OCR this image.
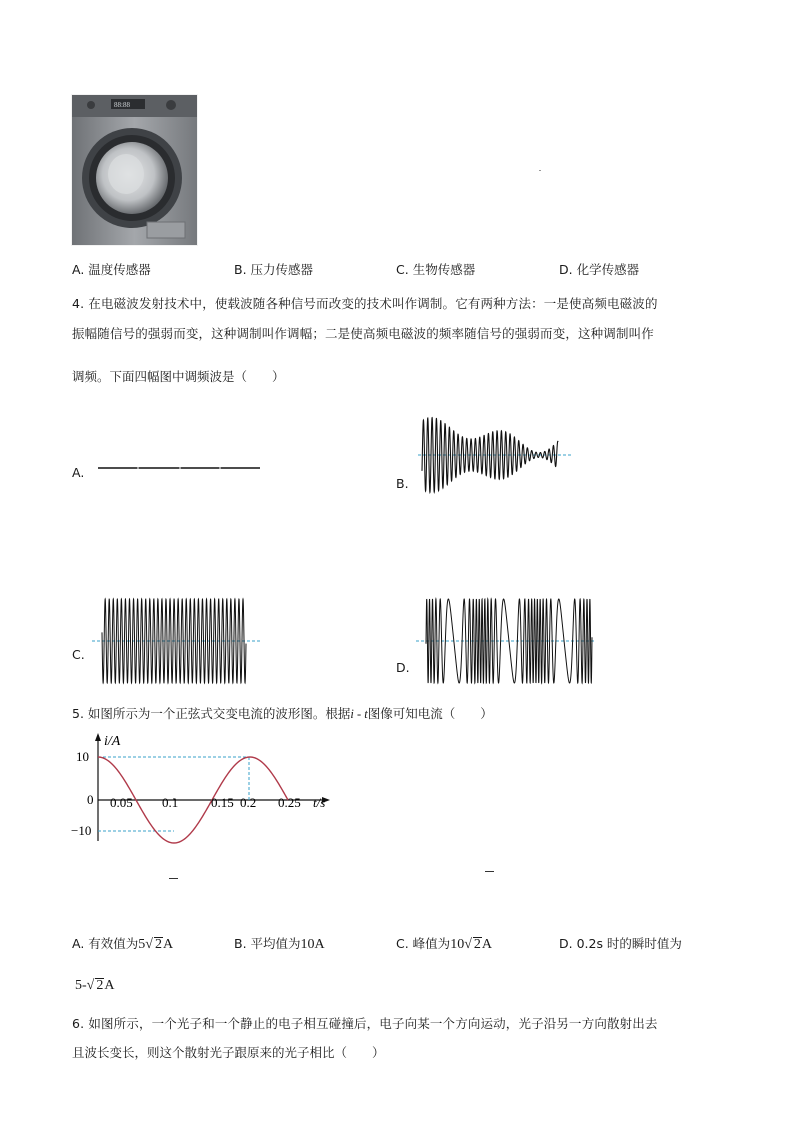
88:88
A. 温度传感器	B. 压力传感器	C. 生物传感器	D. 化学传感器
4. 在电磁波发射技术中，使载波随各种信号而改变的技术叫作调制。它有两种方法：一是使高频电磁波的
振幅随信号的强弱而变，这种调制叫作调幅；二是使高频电磁波的频率随信号的强弱而变，这种调制叫作
调频。下面四幅图中调频波是（　　）
A.
B.
C.
D.
5. 如图所示为一个正弦式交变电流的波形图。根据i - t图像可知电流（　　）
i/A
10
0
−10
0.05 0.1	0.15 0.2 0.25 t/s
A. 有效值为5√ 2A	B. 平均值为10A	C. 峰值为10√ 2A	D. 0.2s 时的瞬时值为
5-√ 2A
6. 如图所示，一个光子和一个静止的电子相互碰撞后，电子向某一个方向运动，光子沿另一方向散射出去
且波长变长，则这个散射光子跟原来的光子相比（　　）
